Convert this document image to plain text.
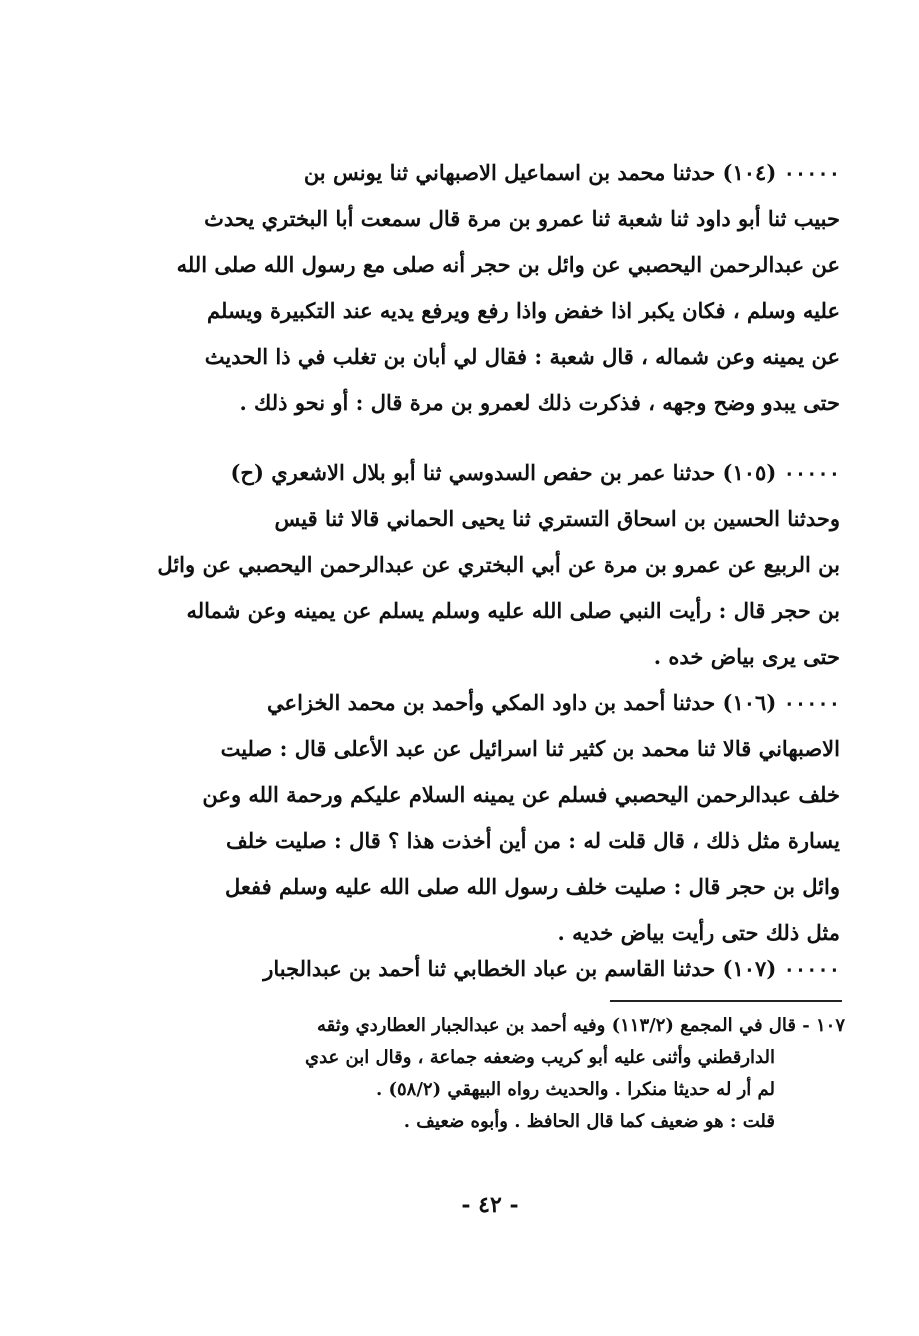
٠٠٠٠٠ (١٠٤) حدثنا محمد بن اسماعيل الاصبهاني ثنا يونس بن
حبيب ثنا أبو داود ثنا شعبة ثنا عمرو بن مرة قال سمعت أبا البختري يحدث
عن عبدالرحمن اليحصبي عن وائل بن حجر أنه صلى مع رسول الله صلى الله
عليه وسلم ، فكان يكبر اذا خفض واذا رفع ويرفع يديه عند التكبيرة ويسلم
عن يمينه وعن شماله ، قال شعبة : فقال لي أبان بن تغلب في ذا الحديث
حتى يبدو وضح وجهه ، فذكرت ذلك لعمرو بن مرة قال : أو نحو ذلك .
٠٠٠٠٠ (١٠٥) حدثنا عمر بن حفص السدوسي ثنا أبو بلال الاشعري (ح)
وحدثنا الحسين بن اسحاق التستري ثنا يحيى الحماني قالا ثنا قيس
بن الربيع عن عمرو بن مرة عن أبي البختري عن عبدالرحمن اليحصبي عن وائل
بن حجر قال : رأيت النبي صلى الله عليه وسلم يسلم عن يمينه وعن شماله
حتى يرى بياض خده .
٠٠٠٠٠ (١٠٦) حدثنا أحمد بن داود المكي وأحمد بن محمد الخزاعي
الاصبهاني قالا ثنا محمد بن كثير ثنا اسرائيل عن عبد الأعلى قال : صليت
خلف عبدالرحمن اليحصبي فسلم عن يمينه السلام عليكم ورحمة الله وعن
يسارة مثل ذلك ، قال قلت له : من أين أخذت هذا ؟ قال : صليت خلف
وائل بن حجر قال : صليت خلف رسول الله صلى الله عليه وسلم ففعل
مثل ذلك حتى رأيت بياض خديه .
٠٠٠٠٠ (١٠٧) حدثنا القاسم بن عباد الخطابي ثنا أحمد بن عبدالجبار
١٠٧ - قال في المجمع (١١٣/٢) وفيه أحمد بن عبدالجبار العطاردي وثقه
الدارقطني وأثنى عليه أبو كريب وضعفه جماعة ، وقال ابن عدي
لم أر له حديثا منكرا . والحديث رواه البيهقي (٥٨/٢) .
قلت : هو ضعيف كما قال الحافظ . وأبوه ضعيف .
- ٤٢ -
